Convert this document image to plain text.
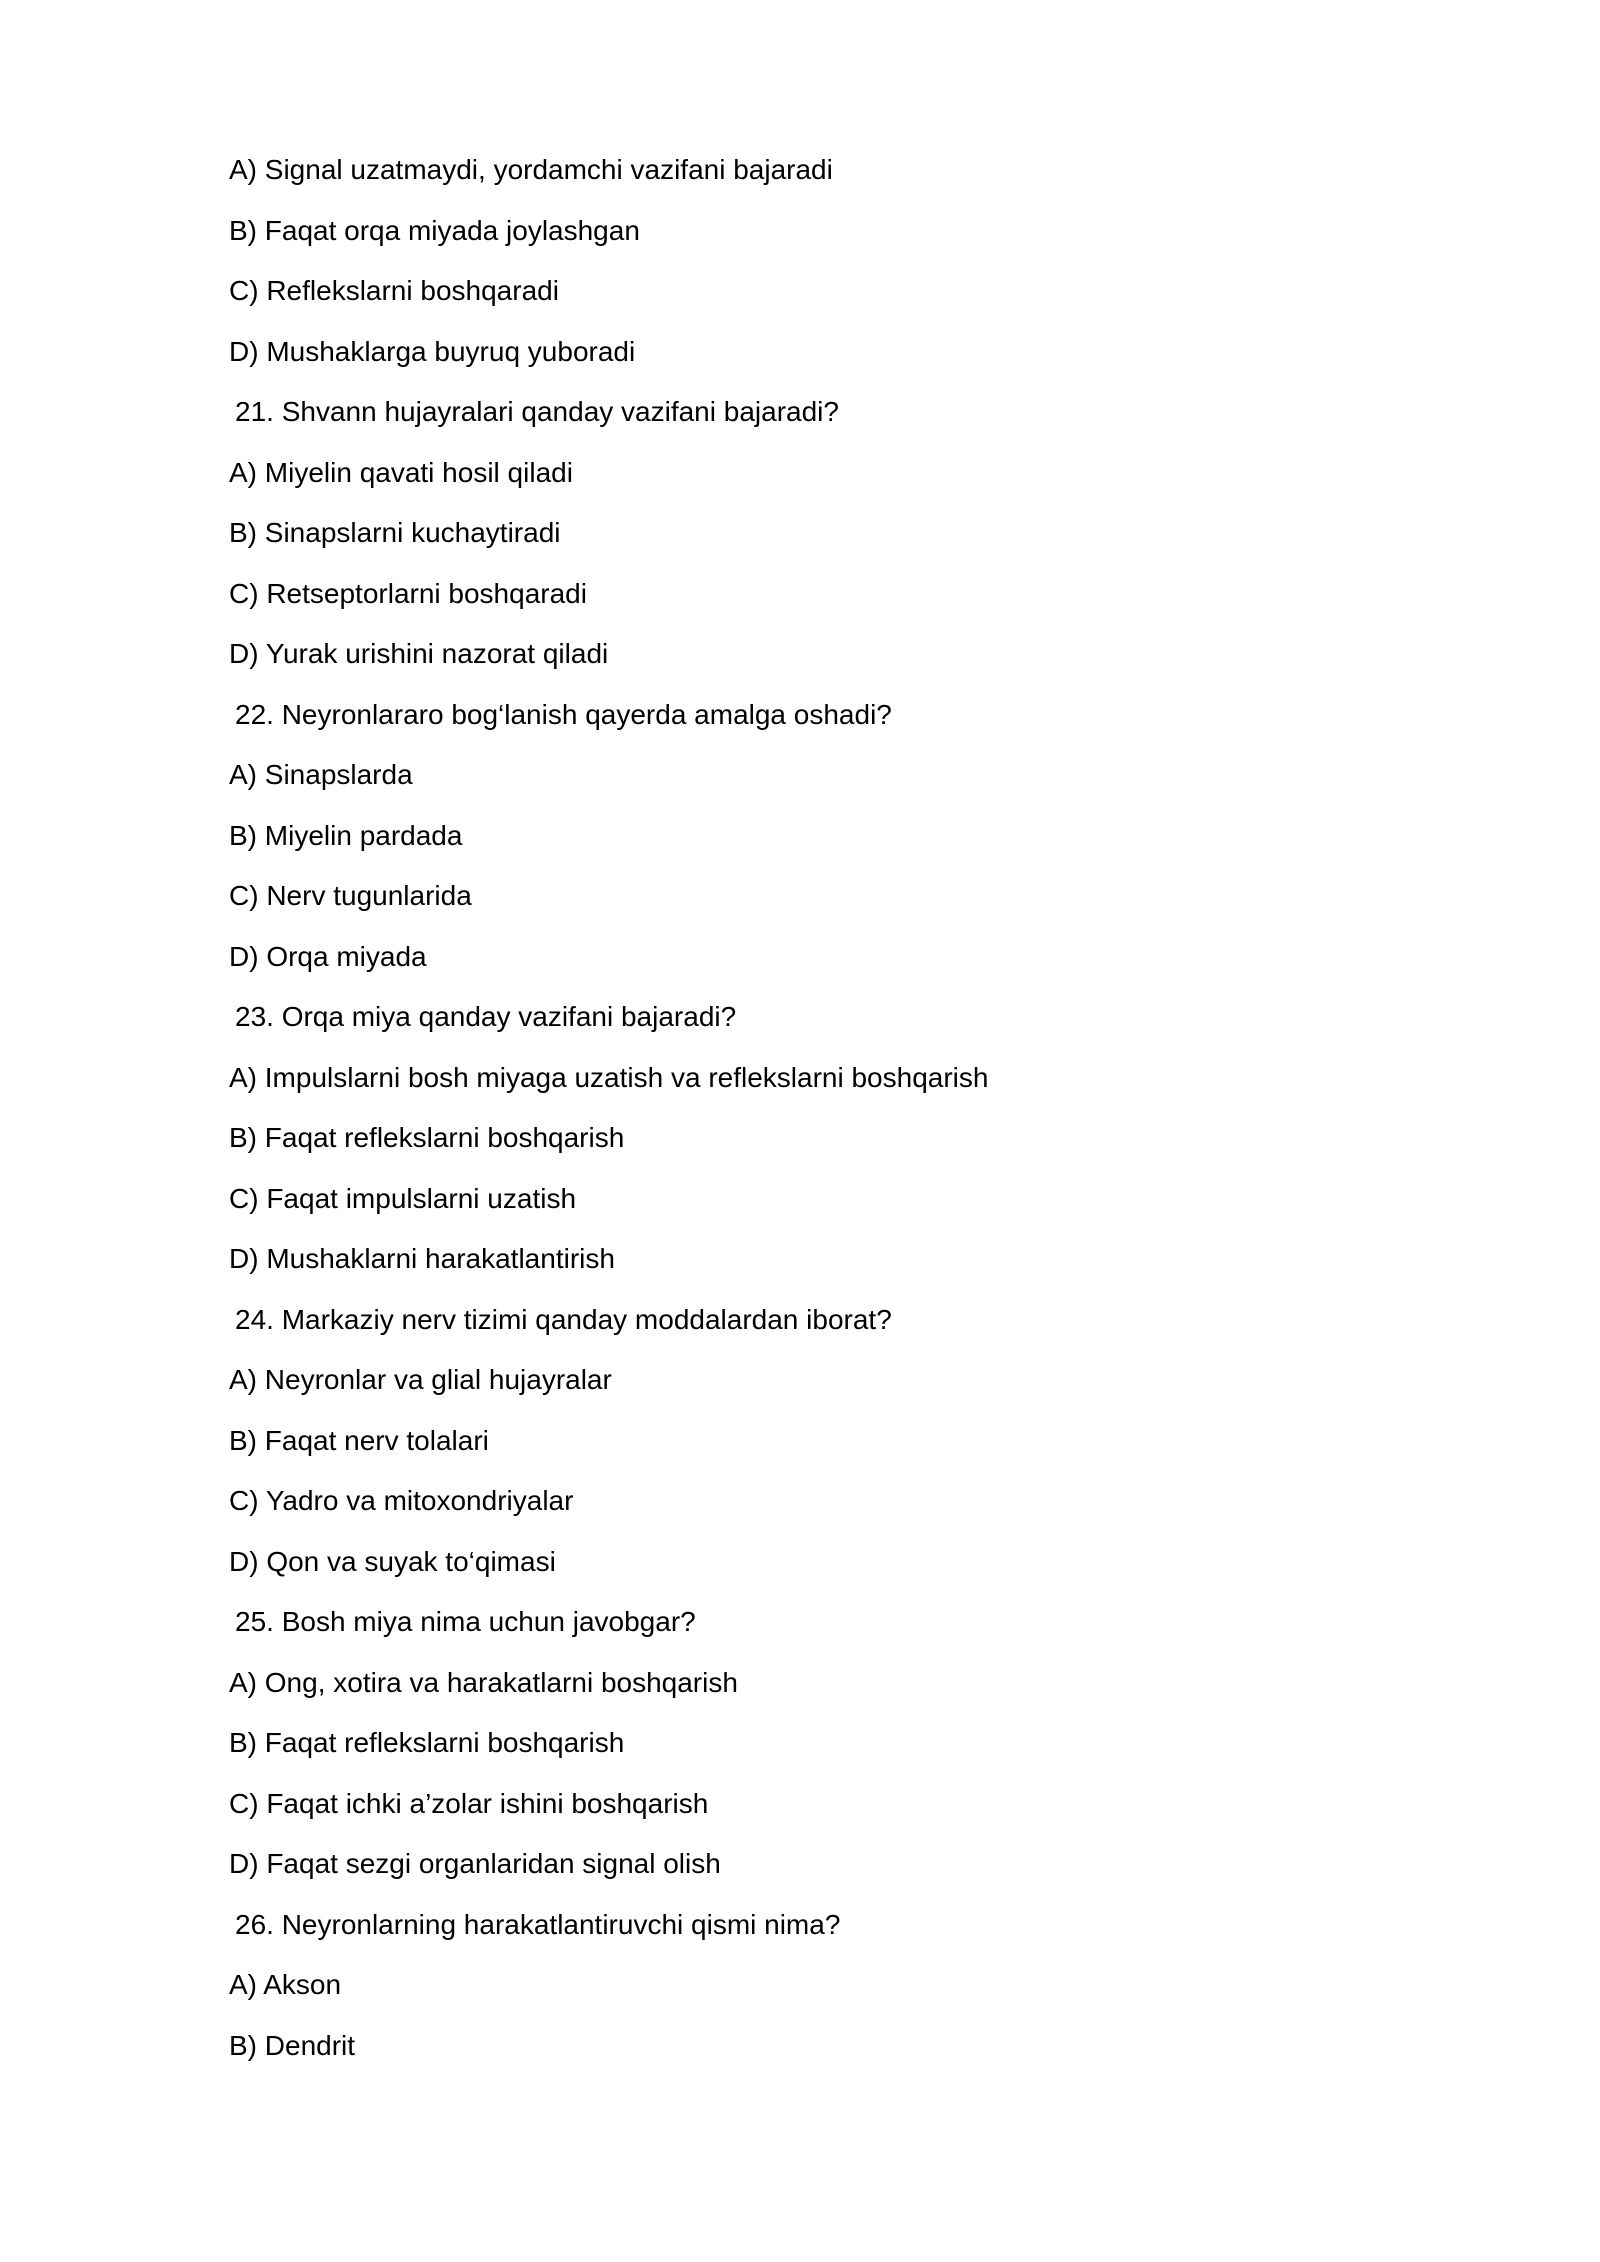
A) Signal uzatmaydi, yordamchi vazifani bajaradi
B) Faqat orqa miyada joylashgan
C) Reflekslarni boshqaradi
D) Mushaklarga buyruq yuboradi
21. Shvann hujayralari qanday vazifani bajaradi?
A) Miyelin qavati hosil qiladi
B) Sinapslarni kuchaytiradi
C) Retseptorlarni boshqaradi
D) Yurak urishini nazorat qiladi
22. Neyronlararo bog‘lanish qayerda amalga oshadi?
A) Sinapslarda
B) Miyelin pardada
C) Nerv tugunlarida
D) Orqa miyada
23. Orqa miya qanday vazifani bajaradi?
A) Impulslarni bosh miyaga uzatish va reflekslarni boshqarish
B) Faqat reflekslarni boshqarish
C) Faqat impulslarni uzatish
D) Mushaklarni harakatlantirish
24. Markaziy nerv tizimi qanday moddalardan iborat?
A) Neyronlar va glial hujayralar
B) Faqat nerv tolalari
C) Yadro va mitoxondriyalar
D) Qon va suyak to‘qimasi
25. Bosh miya nima uchun javobgar?
A) Ong, xotira va harakatlarni boshqarish
B) Faqat reflekslarni boshqarish
C) Faqat ichki a’zolar ishini boshqarish
D) Faqat sezgi organlaridan signal olish
26. Neyronlarning harakatlantiruvchi qismi nima?
A) Akson
B) Dendrit
